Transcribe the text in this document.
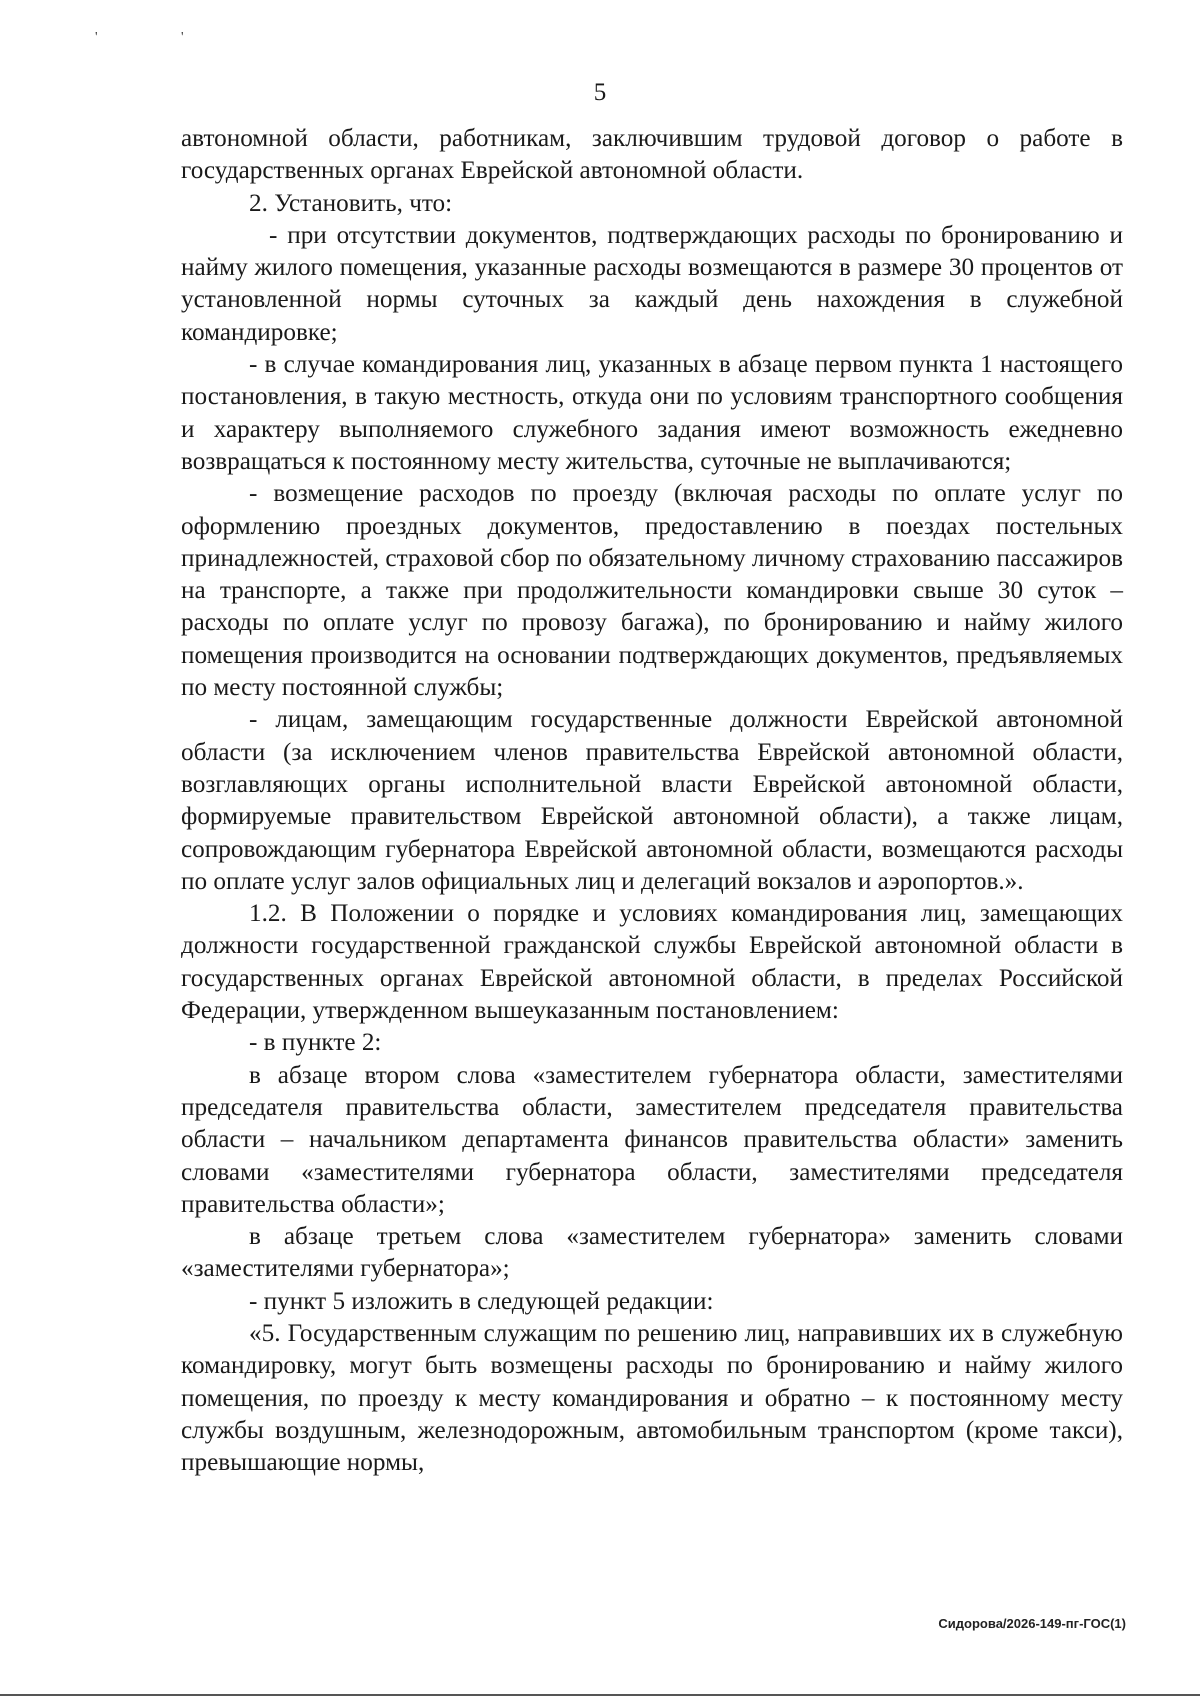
' '
5

автономной области, работникам, заключившим трудовой договор о работе в государственных органах Еврейской автономной области.

2. Установить, что:

- при отсутствии документов, подтверждающих расходы по бронированию и найму жилого помещения, указанные расходы возмещаются в размере 30 процентов от установленной нормы суточных за каждый день нахождения в служебной командировке;

- в случае командирования лиц, указанных в абзаце первом пункта 1 настоящего постановления, в такую местность, откуда они по условиям транспортного сообщения и характеру выполняемого служебного задания имеют возможность ежедневно возвращаться к постоянному месту жительства, суточные не выплачиваются;

- возмещение расходов по проезду (включая расходы по оплате услуг по оформлению проездных документов, предоставлению в поездах постельных принадлежностей, страховой сбор по обязательному личному страхованию пассажиров на транспорте, а также при продолжительности командировки свыше 30 суток – расходы по оплате услуг по провозу багажа), по бронированию и найму жилого помещения производится на основании подтверждающих документов, предъявляемых по месту постоянной службы;

- лицам, замещающим государственные должности Еврейской автономной области (за исключением членов правительства Еврейской автономной области, возглавляющих органы исполнительной власти Еврейской автономной области, формируемые правительством Еврейской автономной области), а также лицам, сопровождающим губернатора Еврейской автономной области, возмещаются расходы по оплате услуг залов официальных лиц и делегаций вокзалов и аэропортов.».

1.2. В Положении о порядке и условиях командирования лиц, замещающих должности государственной гражданской службы Еврейской автономной области в государственных органах Еврейской автономной области, в пределах Российской Федерации, утвержденном вышеуказанным постановлением:

- в пункте 2:

в абзаце втором слова «заместителем губернатора области, заместителями председателя правительства области, заместителем председателя правительства области – начальником департамента финансов правительства области» заменить словами «заместителями губернатора области, заместителями председателя правительства области»;

в абзаце третьем слова «заместителем губернатора» заменить словами «заместителями губернатора»;

- пункт 5 изложить в следующей редакции:

«5. Государственным служащим по решению лиц, направивших их в служебную командировку, могут быть возмещены расходы по бронированию и найму жилого помещения, по проезду к месту командирования и обратно – к постоянному месту службы воздушным, железнодорожным, автомобильным транспортом (кроме такси), превышающие нормы,

Сидорова/2026-149-пг-ГОС(1)
